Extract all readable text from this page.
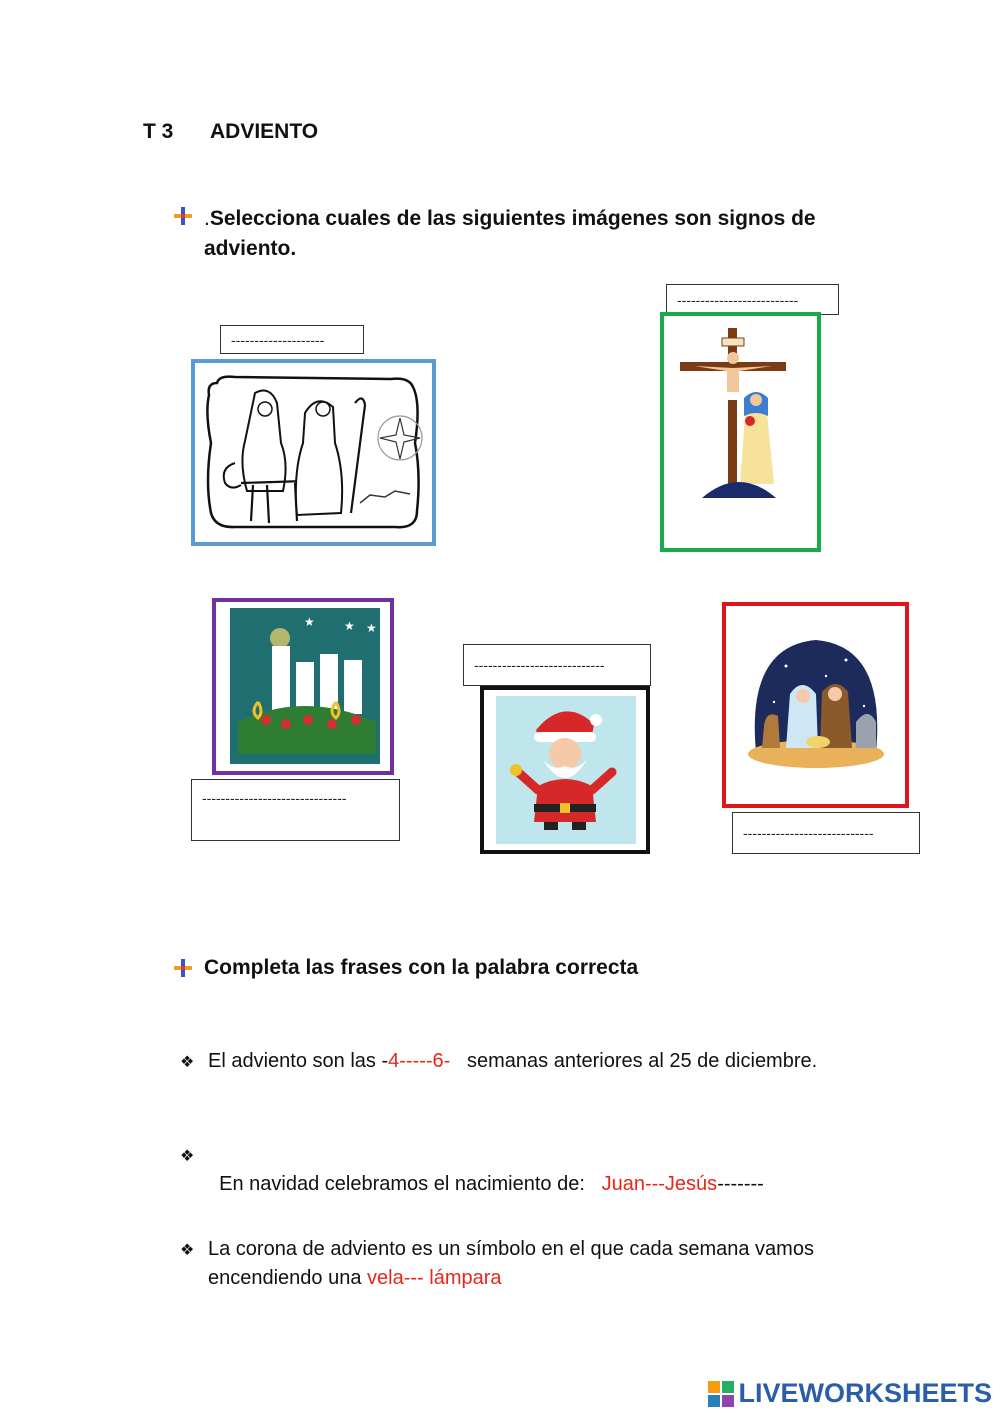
T 3 ADVIENTO
.Selecciona cuales de las siguientes imágenes son signos de adviento.
--------------------
--------------------------
★ ★ ★
-------------------------------
----------------------------
----------------------------
Completa las frases con la palabra correcta
❖ El adviento son las -4-----6-   semanas anteriores al 25 de diciembre.
❖

En navidad celebramos el nacimiento de:   Juan---Jesús-------

❖ La corona de adviento es un símbolo en el que cada semana vamos encendiendo una vela--- lámpara
LIVEWORKSHEETS
